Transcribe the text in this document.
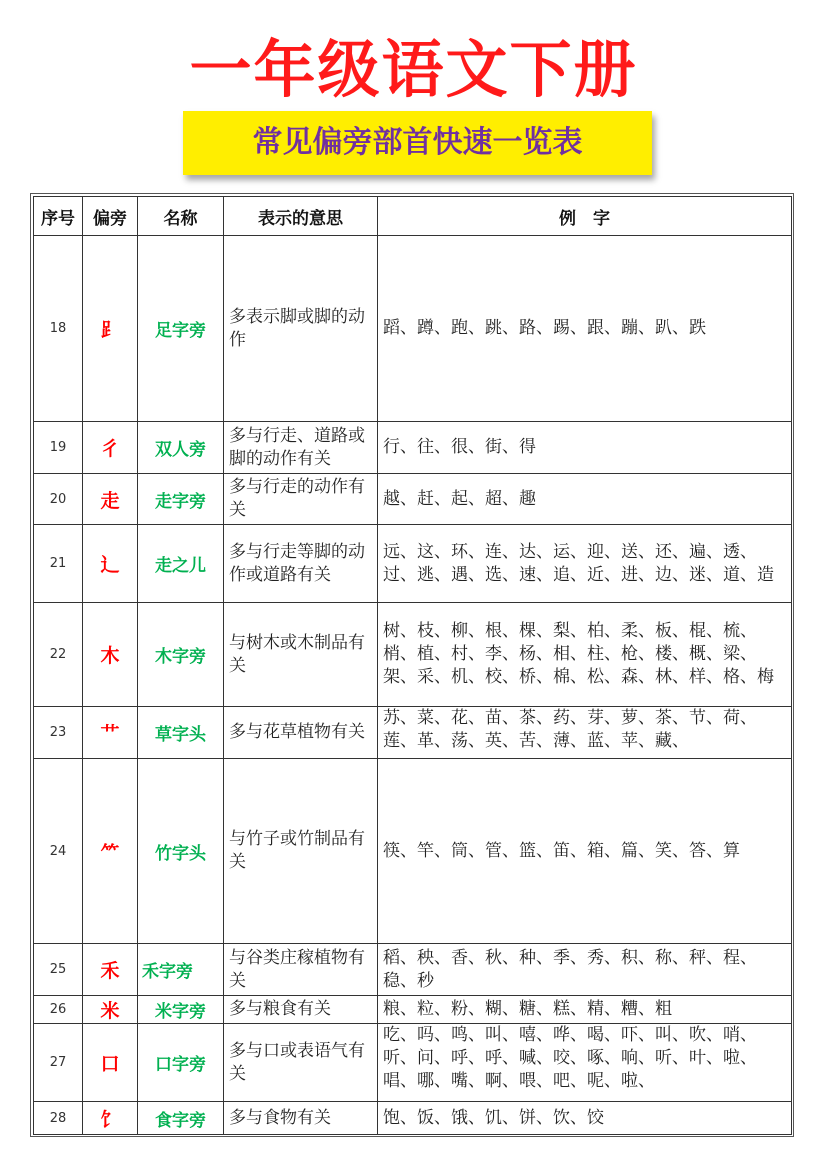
一年级语文下册
常见偏旁部首快速一览表
序号	偏旁	名称	表示的意思	例　字
18	⻊	足字旁	多表示脚或脚的动作	蹈、蹲、跑、跳、路、踢、跟、蹦、趴、跌
19	彳	双人旁	多与行走、道路或脚的动作有关	行、往、很、街、得
20	走	走字旁	多与行走的动作有关	越、赶、起、超、趣
21	辶	走之儿	多与行走等脚的动作或道路有关	远、这、环、连、达、运、迎、送、还、遍、透、过、逃、遇、选、速、追、近、进、边、迷、道、造
22	木	木字旁	与树木或木制品有关	树、枝、柳、根、棵、梨、柏、柔、板、棍、梳、梢、植、村、李、杨、相、柱、枪、楼、概、梁、架、采、机、校、桥、棉、松、森、林、样、格、梅
23	艹	草字头	多与花草植物有关	苏、菜、花、苗、茶、药、芽、萝、茶、节、荷、莲、革、荡、英、苦、薄、蓝、苹、藏、

24	⺮	竹字头	与竹子或竹制品有关	筷、竿、筒、管、篮、笛、箱、篇、笑、答、算
25	禾	禾字旁	与谷类庄稼植物有关	稻、秧、香、秋、种、季、秀、积、称、秤、程、稳、秒
26	米	米字旁	多与粮食有关	粮、粒、粉、糊、糖、糕、精、糟、粗
27	口	口字旁	多与口或表语气有关	吃、吗、鸣、叫、嘻、哗、喝、吓、叫、吹、哨、听、问、呼、呼、喊、咬、啄、响、听、叶、啦、唱、哪、嘴、啊、喂、吧、呢、啦、

28	饣	食字旁	多与食物有关	饱、饭、饿、饥、饼、饮、饺
